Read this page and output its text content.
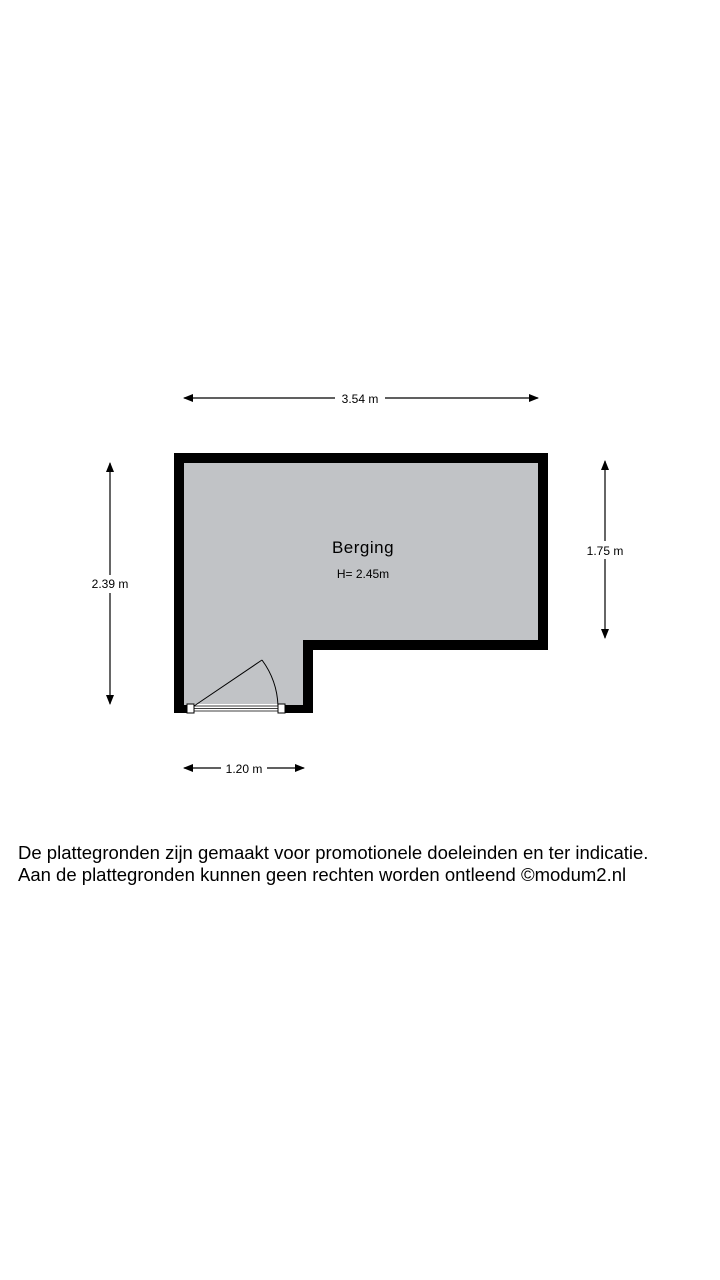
Berging
H= 2.45m
3.54 m
2.39 m
1.75 m
1.20 m
De plattegronden zijn gemaakt voor promotionele doeleinden en ter indicatie.
Aan de plattegronden kunnen geen rechten worden ontleend ©modum2.nl
